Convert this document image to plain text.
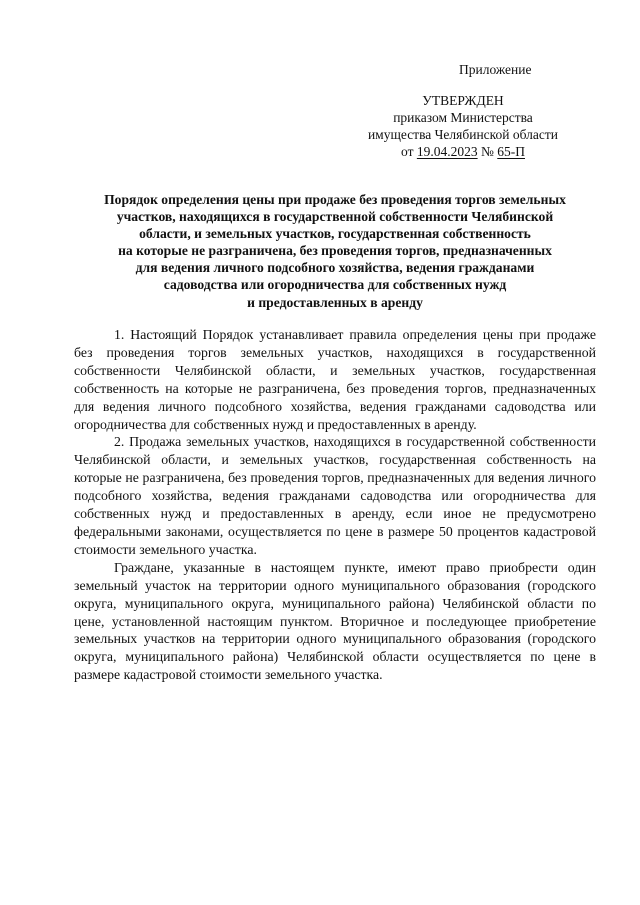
Приложение
УТВЕРЖДЕН
приказом Министерства
имущества Челябинской области
от 19.04.2023 № 65-П
Порядок определения цены при продаже без проведения торгов земельных
участков, находящихся в государственной собственности Челябинской
области, и земельных участков, государственная собственность
на которые не разграничена, без проведения торгов, предназначенных
для ведения личного подсобного хозяйства, ведения гражданами
садоводства или огородничества для собственных нужд
и предоставленных в аренду

1. Настоящий Порядок устанавливает правила определения цены при продаже без проведения торгов земельных участков, находящихся в государственной собственности Челябинской области, и земельных участков, государственная собственность на которые не разграничена, без проведения торгов, предназначенных для ведения личного подсобного хозяйства, ведения гражданами садоводства или огородничества для собственных нужд и предоставленных в аренду.

2. Продажа земельных участков, находящихся в государственной собственности Челябинской области, и земельных участков, государственная собственность на которые не разграничена, без проведения торгов, предназначенных для ведения личного подсобного хозяйства, ведения гражданами садоводства или огородничества для собственных нужд и предоставленных в аренду, если иное не предусмотрено федеральными законами, осуществляется по цене в размере 50 процентов кадастровой стоимости земельного участка.

Граждане, указанные в настоящем пункте, имеют право приобрести один земельный участок на территории одного муниципального образования (городского округа, муниципального округа, муниципального района) Челябинской области по цене, установленной настоящим пунктом. Вторичное и последующее приобретение земельных участков на территории одного муниципального образования (городского округа, муниципального района) Челябинской области осуществляется по цене в размере кадастровой стоимости земельного участка.
